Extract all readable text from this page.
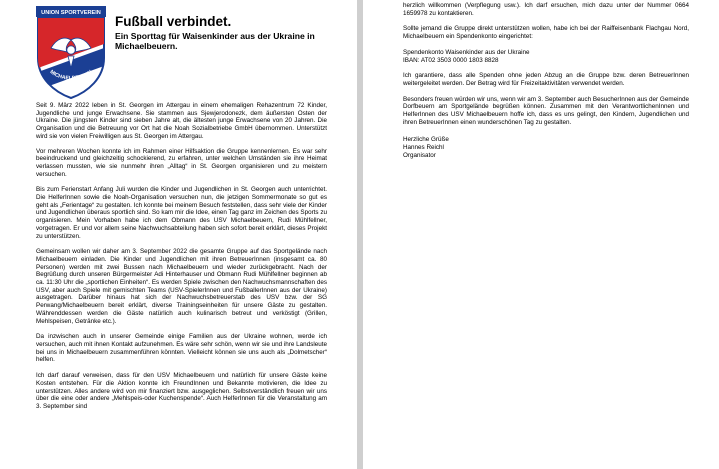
UNION SPORTVEREIN
MICHAELBEUERN
Fußball verbindet.
Ein Sporttag für Waisenkinder aus der Ukraine in Michaelbeuern.
Seit 9. März 2022 leben in St. Georgen im Attergau in einem ehemaligen Rehazentrum 72 Kinder, Jugendliche und junge Erwachsene. Sie stammen aus Sjewjerodonezk, dem äußersten Osten der Ukraine. Die jüngsten Kinder sind sieben Jahre alt, die ältesten junge Erwachsene von 20 Jahren. Die Organisation und die Betreuung vor Ort hat die Noah Sozialbetriebe GmbH übernommen. Unterstützt wird sie von vielen Freiwilligen aus St. Georgen im Attergau.

Vor mehreren Wochen konnte ich im Rahmen einer Hilfsaktion die Gruppe kennenlernen. Es war sehr beeindruckend und gleichzeitig schockierend, zu erfahren, unter welchen Umständen sie ihre Heimat verlassen mussten, wie sie nunmehr ihren „Alltag“ in St. Georgen organisieren und zu meistern versuchen.

Bis zum Ferienstart Anfang Juli wurden die Kinder und Jugendlichen in St. Georgen auch unterrichtet. Die HelferInnen sowie die Noah-Organisation versuchen nun, die jetzigen Sommermonate so gut es geht als „Ferientage“ zu gestalten. Ich konnte bei meinem Besuch feststellen, dass sehr viele der Kinder und Jugendlichen überaus sportlich sind. So kam mir die Idee, einen Tag ganz im Zeichen des Sports zu organisieren. Mein Vorhaben habe ich dem Obmann des USV Michaelbeuern, Rudi Mühlfellner, vorgetragen. Er und vor allem seine Nachwuchsabteilung haben sich sofort bereit erklärt, dieses Projekt zu unterstützen.

Gemeinsam wollen wir daher am 3. September 2022 die gesamte Gruppe auf das Sportgelände nach Michaelbeuern einladen. Die Kinder und Jugendlichen mit ihren BetreuerInnen (insgesamt ca. 80 Personen) werden mit zwei Bussen nach Michaelbeuern und wieder zurückgebracht. Nach der Begrüßung durch unseren Bürgermeister Adi Hinterhauser und Obmann Rudi Mühlfellner beginnen ab ca. 11:30 Uhr die „sportlichen Einheiten“. Es werden Spiele zwischen den Nachwuchsmannschaften des USV, aber auch Spiele mit gemischten Teams (USV-SpielerInnen und FußballerInnen aus der Ukraine) ausgetragen. Darüber hinaus hat sich der Nachwuchsbetreuerstab des USV bzw. der SG Perwang/Michaelbeuern bereit erklärt, diverse Trainingseinheiten für unsere Gäste zu gestalten. Währenddessen werden die Gäste natürlich auch kulinarisch betreut und verköstigt (Grillen, Mehlspeisen, Getränke etc.).

Da inzwischen auch in unserer Gemeinde einige Familien aus der Ukraine wohnen, werde ich versuchen, auch mit ihnen Kontakt aufzunehmen. Es wäre sehr schön, wenn wir sie und ihre Landsleute bei uns in Michaelbeuern zusammenführen könnten. Vielleicht können sie uns auch als „Dolmetscher“ helfen.

Ich darf darauf verweisen, dass für den USV Michaelbeuern und natürlich für unsere Gäste keine Kosten entstehen. Für die Aktion konnte ich FreundInnen und Bekannte motivieren, die Idee zu unterstützen. Alles andere wird von mir finanziert bzw. ausgeglichen. Selbstverständlich freuen wir uns über die eine oder andere „Mehlspeis-oder Kuchenspende“. Auch HelferInnen für die Veranstaltung am 3. September sind

herzlich willkommen (Verpflegung usw.). Ich darf ersuchen, mich dazu unter der Nummer 0664 1659978 zu kontaktieren.

Sollte jemand die Gruppe direkt unterstützen wollen, habe ich bei der Raiffeisenbank Flachgau Nord, Michaelbeuern ein Spendenkonto eingerichtet:

Spendenkonto Waisenkinder aus der Ukraine
IBAN: AT02 3503 0000 1803 8828

Ich garantiere, dass alle Spenden ohne jeden Abzug an die Gruppe bzw. deren BetreuerInnen weitergeleitet werden. Der Betrag wird für Freizeitaktivitäten verwendet werden.

Besonders freuen würden wir uns, wenn wir am 3. September auch BesucherInnen aus der Gemeinde Dorfbeuern am Sportgelände begrüßen können. Zusammen mit den VerantwortlichenInnen und HelferInnen des USV Michaelbeuern hoffe ich, dass es uns gelingt, den Kindern, Jugendlichen und ihren BetreuerInnen einen wunderschönen Tag zu gestalten.

Herzliche Grüße
Hannes Reichl
Organisator
